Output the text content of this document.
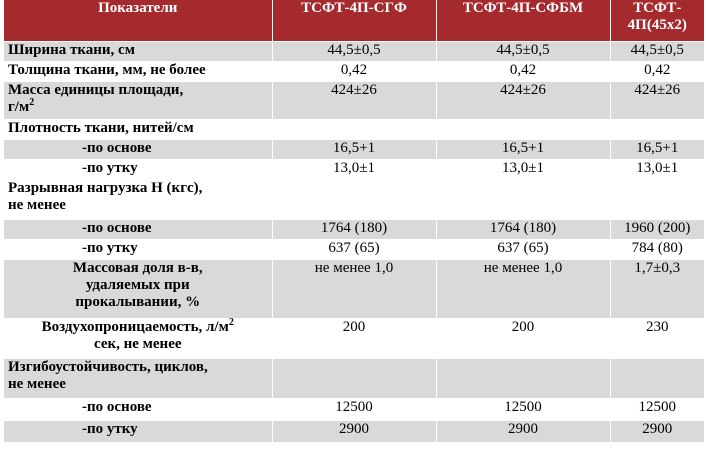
Показатели	ТСФТ-4П-СГФ	ТСФТ-4П-СФБМ	ТСФТ-
4П(45х2)
Ширина ткани, см	44,5±0,5	44,5±0,5	44,5±0,5
Толщина ткани, мм, не более	0,42	0,42	0,42
Масса единицы площади,
$г/м^2$	424±26	424±26	424±26
Плотность ткани, нитей/см			
-по основе	16,5+1	16,5+1	16,5+1
-по утку	13,0±1	13,0±1	13,0±1
Разрывная нагрузка Н (кгс),
не менее			
-по основе	1764 (180)	1764 (180)	1960 (200)
-по утку	637 (65)	637 (65)	784 (80)
Массовая доля в-в,
удаляемых при
прокалывании, %	не менее 1,0	не менее 1,0	1,7±0,3
Воздухопроницаемость, $л/м^2$
сек, не менее	200	200	230
Изгибоустойчивость, циклов,
не менее			
-по основе	12500	12500	12500
-по утку	2900	2900	2900
